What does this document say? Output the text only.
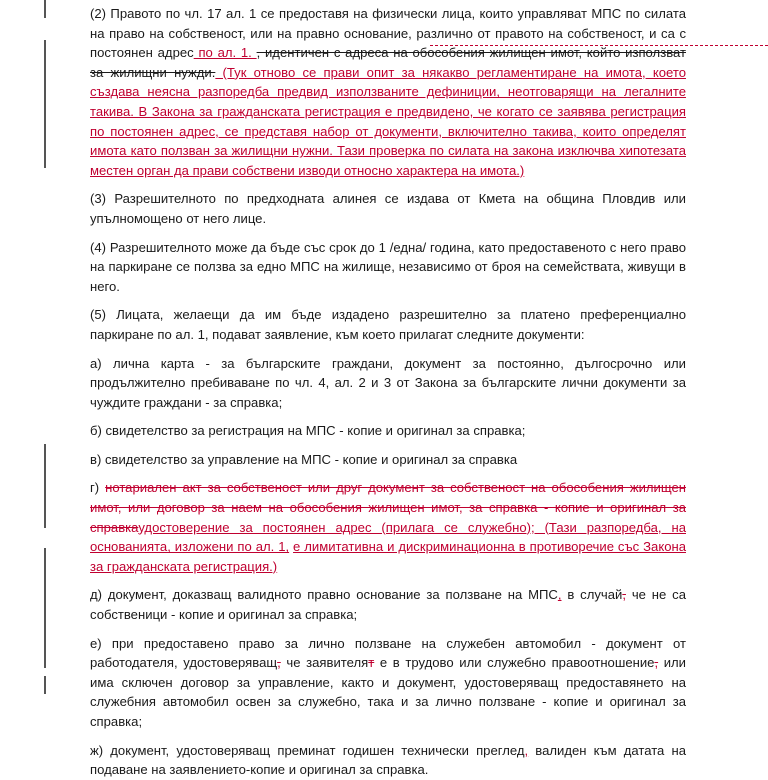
(2) Правото по чл. 17 ал. 1 се предоставя на физически лица, които управляват МПС по силата на право на собственост, или на правно основание, различно от правото на собственост, и са с постоянен адрес по ал. 1. , идентичен с адреса на обособения жилищен имот, който използват за жилищни нужди. (Тук отново се прави опит за някакво регламентиране на имота, което създава неясна разпоредба предвид използваните дефиниции, неотговарящи на легалните такива. В Закона за гражданската регистрация е предвидено, че когато се заявява регистрация по постоянен адрес, се представя набор от документи, включително такива, които определят имота като ползван за жилищни нужни. Тази проверка по силата на закона изключва хипотезата местен орган да прави собствени изводи относно характера на имота.)

(3) Разрешителното по предходната алинея се издава от Кмета на община Пловдив или упълномощено от него лице.

(4) Разрешителното може да бъде със срок до 1 /една/ година, като предоставеното с него право на паркиране се ползва за едно МПС на жилище, независимо от броя на семействата, живущи в него.

(5) Лицата, желаещи да им бъде издадено разрешително за платено преференциално паркиране по ал. 1, подават заявление, към което прилагат следните документи:

а) лична карта - за българските граждани, документ за постоянно, дългосрочно или продължително пребиваване по чл. 4, ал. 2 и 3 от Закона за българските лични документи за чуждите граждани - за справка;

б) свидетелство за регистрация на МПС - копие и оригинал за справка;

в) свидетелство за управление на МПС - копие и оригинал за справка

г) нотариален акт за собственост или друг документ за собственост на обособения жилищен имот, или договор за наем на обособения жилищен имот, за справка - копие и оригинал за справкаудостоверение за постоянен адрес (прилага се служебно); (Тази разпоредба, на основанията, изложени по ал. 1, е лимитативна и дискриминационна в противоречие със Закона за гражданската регистрация.)

д) документ, доказващ валидното правно основание за ползване на МПС, в случай, че не са собственици - копие и оригинал за справка;

е) при предоставено право за лично ползване на служебен автомобил - документ от работодателя, удостоверяващ, че заявителят е в трудово или служебно правоотношение, или има сключен договор за управление, както и документ, удостоверяващ предоставянето на служебния автомобил освен за служебно, така и за лично ползване - копие и оригинал за справка;

ж) документ, удостоверяващ преминат годишен технически преглед, валиден към датата на подаване на заявлението-копие и оригинал за справка.
